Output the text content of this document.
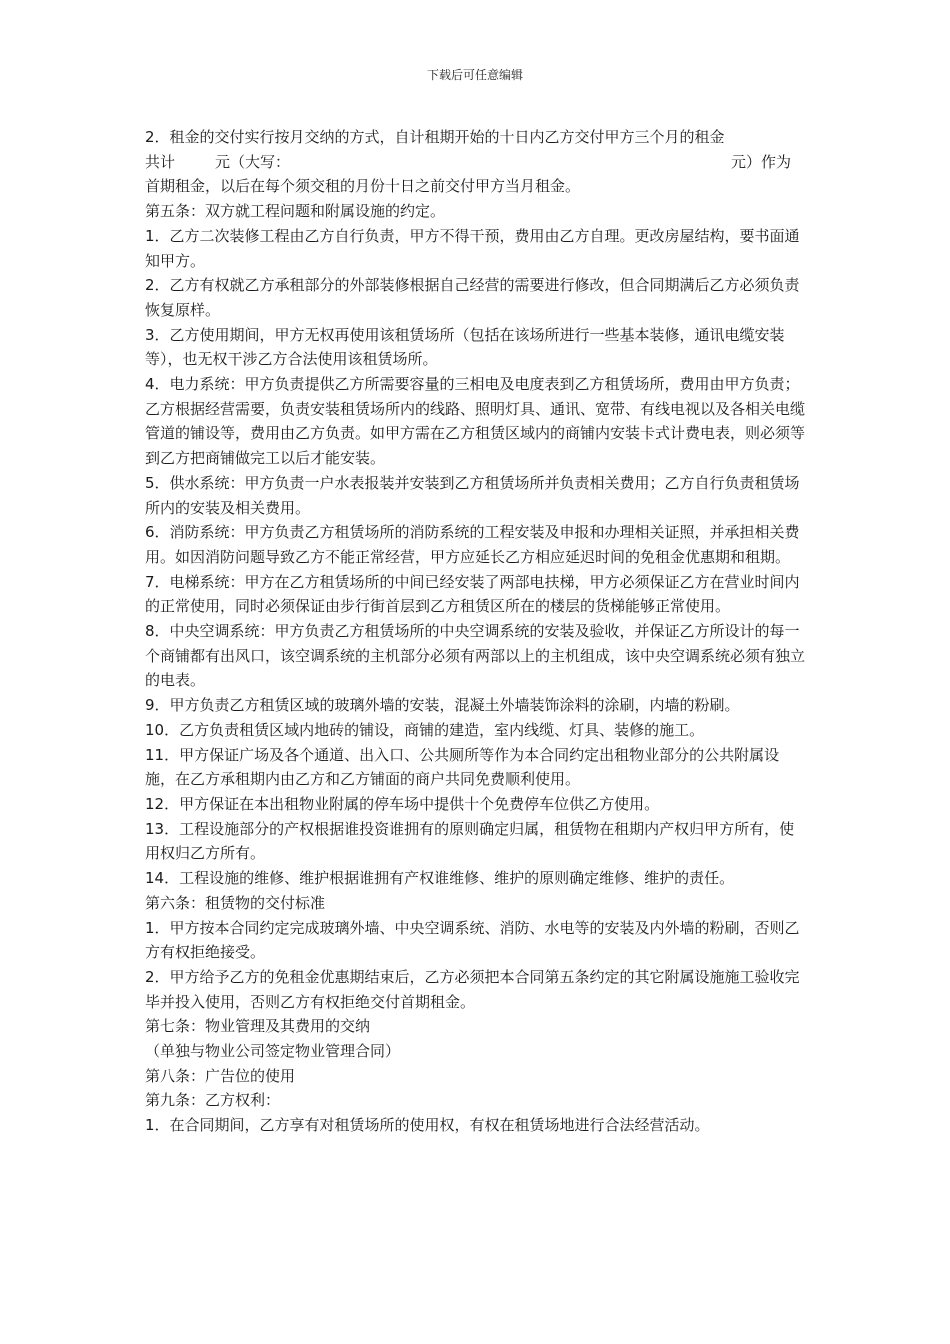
下载后可任意编辑

2．租金的交付实行按月交纳的方式，自计租期开始的十日内乙方交付甲方三个月的租金

共计	元（大写：	元）作为

首期租金，以后在每个须交租的月份十日之前交付甲方当月租金。

第五条：双方就工程问题和附属设施的约定。

1．乙方二次装修工程由乙方自行负责，甲方不得干预，费用由乙方自理。更改房屋结构，要书面通知甲方。

2．乙方有权就乙方承租部分的外部装修根据自己经营的需要进行修改，但合同期满后乙方必须负责恢复原样。

3．乙方使用期间，甲方无权再使用该租赁场所（包括在该场所进行一些基本装修，通讯电缆安装等），也无权干涉乙方合法使用该租赁场所。

4．电力系统：甲方负责提供乙方所需要容量的三相电及电度表到乙方租赁场所，费用由甲方负责；乙方根据经营需要，负责安装租赁场所内的线路、照明灯具、通讯、宽带、有线电视以及各相关电缆管道的铺设等，费用由乙方负责。如甲方需在乙方租赁区域内的商铺内安装卡式计费电表，则必须等到乙方把商铺做完工以后才能安装。

5．供水系统：甲方负责一户水表报装并安装到乙方租赁场所并负责相关费用；乙方自行负责租赁场所内的安装及相关费用。

6．消防系统：甲方负责乙方租赁场所的消防系统的工程安装及申报和办理相关证照，并承担相关费用。如因消防问题导致乙方不能正常经营，甲方应延长乙方相应延迟时间的免租金优惠期和租期。

7．电梯系统：甲方在乙方租赁场所的中间已经安装了两部电扶梯，甲方必须保证乙方在营业时间内的正常使用，同时必须保证由步行街首层到乙方租赁区所在的楼层的货梯能够正常使用。

8．中央空调系统：甲方负责乙方租赁场所的中央空调系统的安装及验收，并保证乙方所设计的每一个商铺都有出风口，该空调系统的主机部分必须有两部以上的主机组成，该中央空调系统必须有独立的电表。

9．甲方负责乙方租赁区域的玻璃外墙的安装，混凝土外墙装饰涂料的涂刷，内墙的粉刷。

10．乙方负责租赁区域内地砖的铺设，商铺的建造，室内线缆、灯具、装修的施工。

11．甲方保证广场及各个通道、出入口、公共厕所等作为本合同约定出租物业部分的公共附属设施，在乙方承租期内由乙方和乙方铺面的商户共同免费顺利使用。

12．甲方保证在本出租物业附属的停车场中提供十个免费停车位供乙方使用。

13．工程设施部分的产权根据谁投资谁拥有的原则确定归属，租赁物在租期内产权归甲方所有，使用权归乙方所有。

14．工程设施的维修、维护根据谁拥有产权谁维修、维护的原则确定维修、维护的责任。

第六条：租赁物的交付标准

1．甲方按本合同约定完成玻璃外墙、中央空调系统、消防、水电等的安装及内外墙的粉刷，否则乙方有权拒绝接受。

2．甲方给予乙方的免租金优惠期结束后，乙方必须把本合同第五条约定的其它附属设施施工验收完毕并投入使用，否则乙方有权拒绝交付首期租金。

第七条：物业管理及其费用的交纳

（单独与物业公司签定物业管理合同）

第八条：广告位的使用

第九条：乙方权利：

1．在合同期间，乙方享有对租赁场所的使用权，有权在租赁场地进行合法经营活动。
